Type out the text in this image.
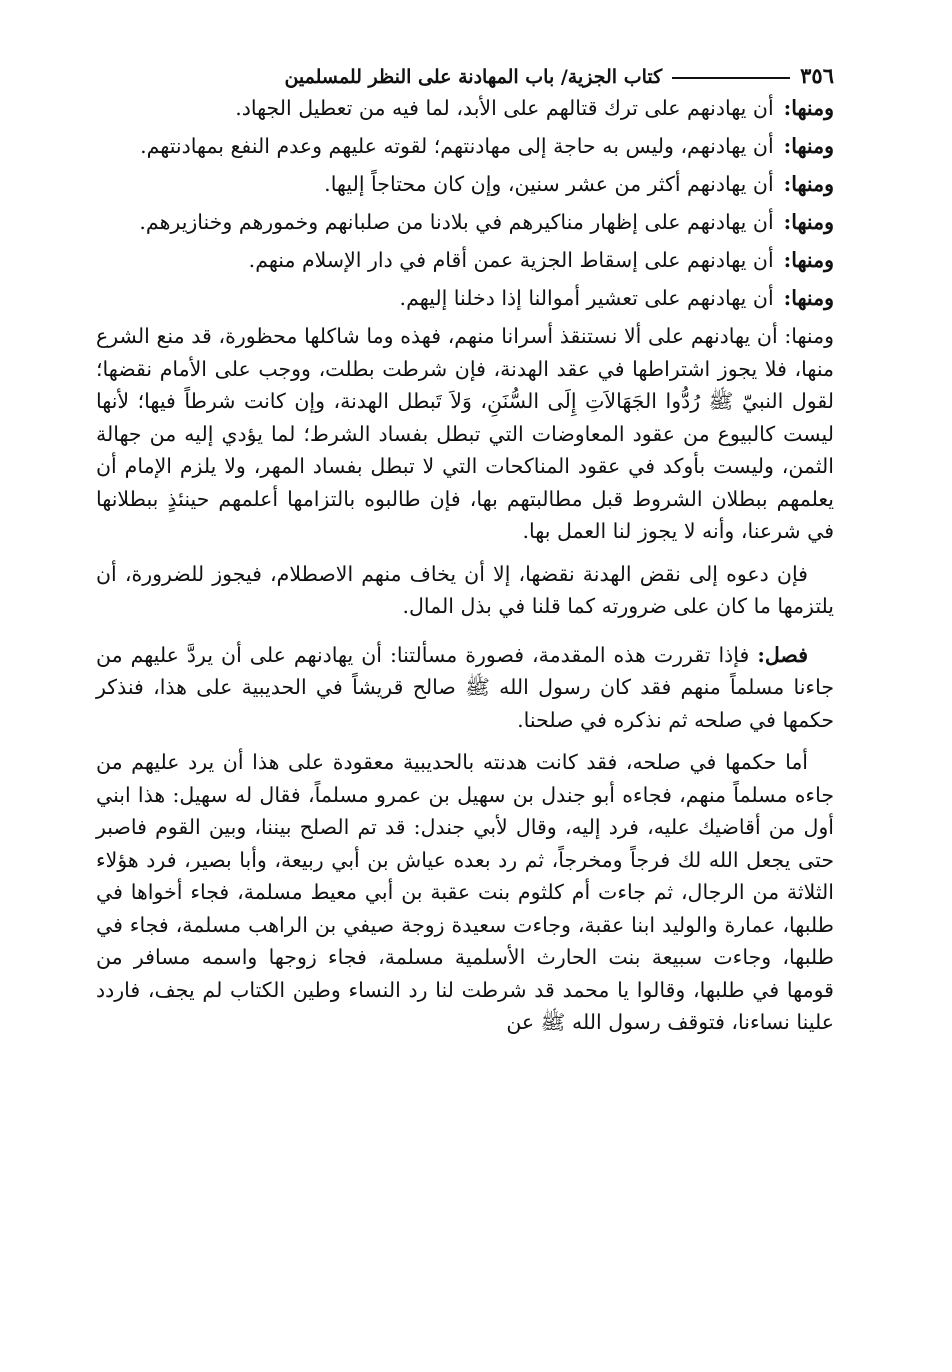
٣٥٦
كتاب الجزية/ باب المهادنة على النظر للمسلمين
ومنها:
أن يهادنهم على ترك قتالهم على الأبد، لما فيه من تعطيل الجهاد.
ومنها:
أن يهادنهم، وليس به حاجة إلى مهادنتهم؛ لقوته عليهم وعدم النفع بمهادنتهم.
ومنها:
أن يهادنهم أكثر من عشر سنين، وإن كان محتاجاً إليها.
ومنها:
أن يهادنهم على إظهار مناكيرهم في بلادنا من صلبانهم وخمورهم وخنازيرهم.
ومنها:
أن يهادنهم على إسقاط الجزية عمن أقام في دار الإسلام منهم.
ومنها:
أن يهادنهم على تعشير أموالنا إذا دخلنا إليهم.

ومنها: أن يهادنهم على ألا نستنقذ أسرانا منهم، فهذه وما شاكلها محظورة، قد منع الشرع منها، فلا يجوز اشتراطها في عقد الهدنة، فإن شرطت بطلت، ووجب على الأمام نقضها؛ لقول النبيّ ﷺ رُدُّوا الجَهَالاَتِ إِلَى السُّنَنِ، وَلاَ تَبطل الهدنة، وإن كانت شرطاً فيها؛ لأنها ليست كالبيوع من عقود المعاوضات التي تبطل بفساد الشرط؛ لما يؤدي إليه من جهالة الثمن، وليست بأوكد في عقود المناكحات التي لا تبطل بفساد المهر، ولا يلزم الإمام أن يعلمهم ببطلان الشروط قبل مطالبتهم بها، فإن طالبوه بالتزامها أعلمهم حينئذٍ ببطلانها في شرعنا، وأنه لا يجوز لنا العمل بها.

فإن دعوه إلى نقض الهدنة نقضها، إلا أن يخاف منهم الاصطلام، فيجوز للضرورة، أن يلتزمها ما كان على ضرورته كما قلنا في بذل المال.

فصل: فإذا تقررت هذه المقدمة، فصورة مسألتنا: أن يهادنهم على أن يردَّ عليهم من جاءنا مسلماً منهم فقد كان رسول الله ﷺ صالح قريشاً في الحديبية على هذا، فنذكر حكمها في صلحه ثم نذكره في صلحنا.

أما حكمها في صلحه، فقد كانت هدنته بالحديبية معقودة على هذا أن يرد عليهم من جاءه مسلماً منهم، فجاءه أبو جندل بن سهيل بن عمرو مسلماً، فقال له سهيل: هذا ابني أول من أقاضيك عليه، فرد إليه، وقال لأبي جندل: قد تم الصلح بيننا، وبين القوم فاصبر حتى يجعل الله لك فرجاً ومخرجاً، ثم رد بعده عياش بن أبي ربيعة، وأبا بصير، فرد هؤلاء الثلاثة من الرجال، ثم جاءت أم كلثوم بنت عقبة بن أبي معيط مسلمة، فجاء أخواها في طلبها، عمارة والوليد ابنا عقبة، وجاءت سعيدة زوجة صيفي بن الراهب مسلمة، فجاء في طلبها، وجاءت سبيعة بنت الحارث الأسلمية مسلمة، فجاء زوجها واسمه مسافر من قومها في طلبها، وقالوا يا محمد قد شرطت لنا رد النساء وطين الكتاب لم يجف، فاردد علينا نساءنا، فتوقف رسول الله ﷺ عن
